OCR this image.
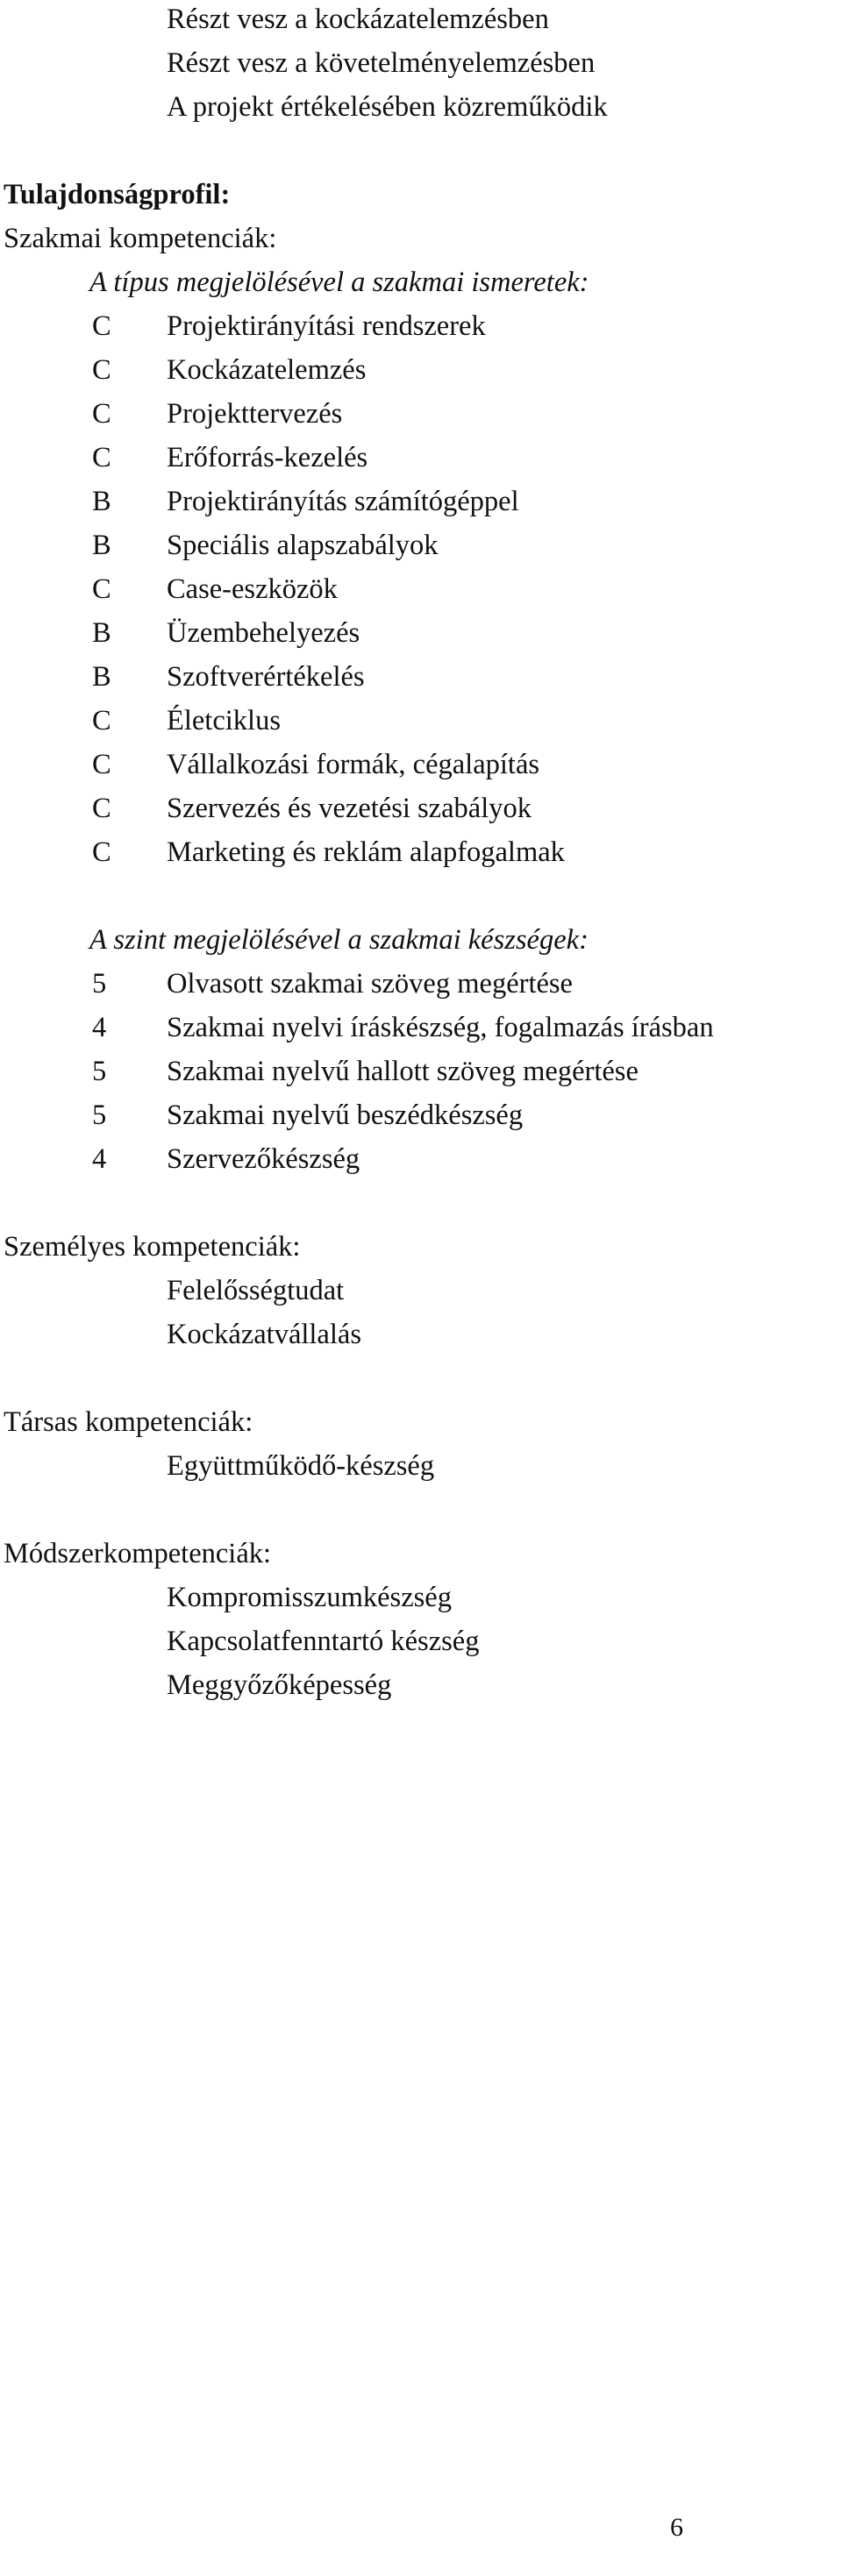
Részt vesz a kockázatelemzésben
Részt vesz a követelményelemzésben
A projekt értékelésében közreműködik
Tulajdonságprofil:
Szakmai kompetenciák:
A típus megjelölésével a szakmai ismeretek:
C	Projektirányítási rendszerek
C	Kockázatelemzés
C	Projekttervezés
C	Erőforrás-kezelés
B	Projektirányítás számítógéppel
B	Speciális alapszabályok
C	Case-eszközök
B	Üzembehelyezés
B	Szoftverértékelés
C	Életciklus
C	Vállalkozási formák, cégalapítás
C	Szervezés és vezetési szabályok
C	Marketing és reklám alapfogalmak
A szint megjelölésével a szakmai készségek:
5	Olvasott szakmai szöveg megértése
4	Szakmai nyelvi íráskészség, fogalmazás írásban
5	Szakmai nyelvű hallott szöveg megértése
5	Szakmai nyelvű beszédkészség
4	Szervezőkészség
Személyes kompetenciák:
Felelősségtudat
Kockázatvállalás
Társas kompetenciák:
Együttműködő-készség
Módszerkompetenciák:
Kompromisszumkészség
Kapcsolatfenntartó készség
Meggyőzőképesség
6
